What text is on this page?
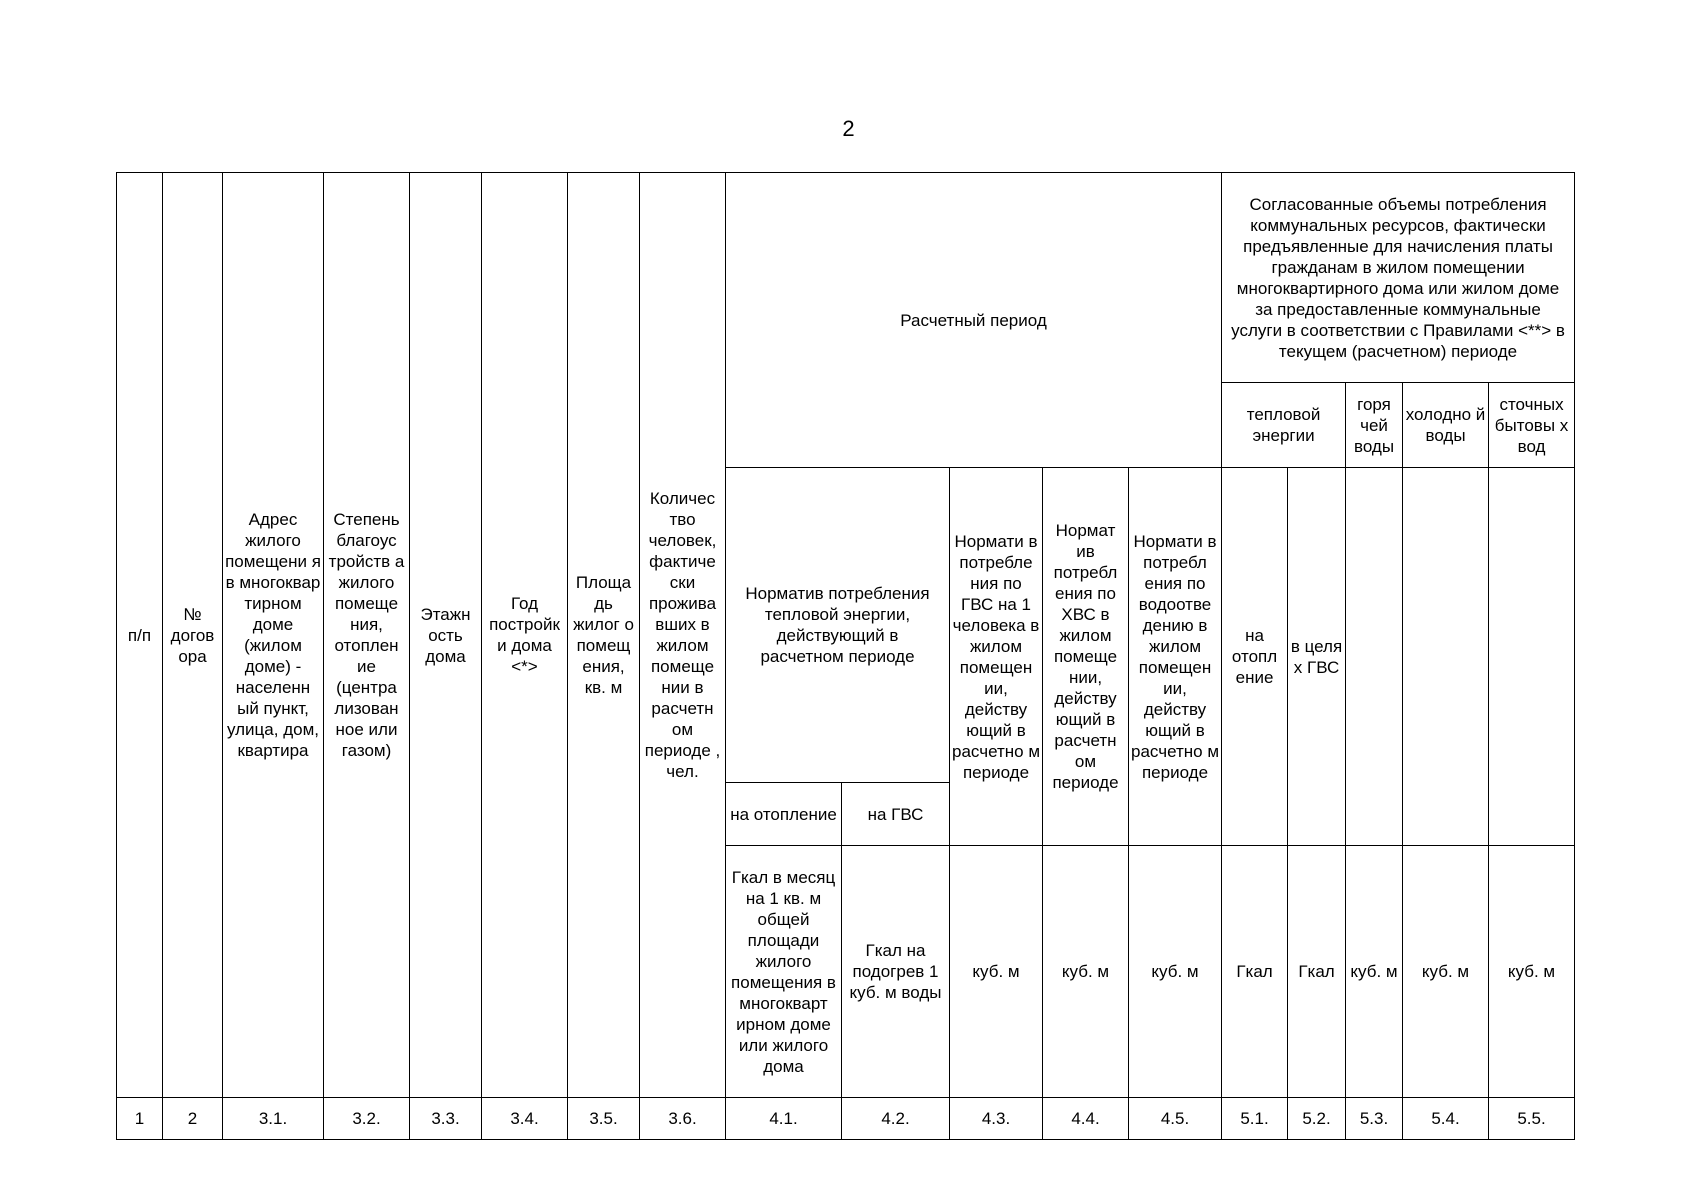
2
п/п	№ догов ора	Адрес жилого помещени я в многоквар тирном доме (жилом доме) - населенн ый пункт, улица, дом, квартира	Степень благоус тройств а жилого помеще ния, отоплен ие (центра лизован ное или газом)	Этажн ость дома	Год постройк и дома <*>	Площа дь жилог о помещ ения, кв. м	Количес тво человек, фактиче ски прожива вших в жилом помеще нии в расчетн ом периоде , чел.	Расчетный период					Согласованные объемы потребления коммунальных ресурсов, фактически предъявленные для начисления платы гражданам в жилом помещении многоквартирного дома или жилом доме за предоставленные коммунальные услуги в соответствии с Правилами <**> в текущем (расчетном) периоде				
													тепловой энергии		горя чей воды	холодно й воды	сточных бытовы х вод
								Норматив потребления тепловой энергии, действующий в расчетном периоде		Нормати в потребле ния по ГВС на 1 человека в жилом помещен ии, действу ющий в расчетно м периоде	Нормат ив потребл ения по ХВС в жилом помеще нии, действу ющий в расчетн ом периоде	Нормати в потребл ения по водоотве дению в жилом помещен ии, действу ющий в расчетно м периоде	на отопл ение	в целя х ГВС			
								на отопление	на ГВС								
								Гкал в месяц на 1 кв. м общей площади жилого помещения в многокварт ирном доме или жилого дома	Гкал на подогрев 1 куб. м воды	куб. м	куб. м	куб. м	Гкал	Гкал	куб. м	куб. м	куб. м
1	2	3.1.	3.2.	3.3.	3.4.	3.5.	3.6.	4.1.	4.2.	4.3.	4.4.	4.5.	5.1.	5.2.	5.3.	5.4.	5.5.
